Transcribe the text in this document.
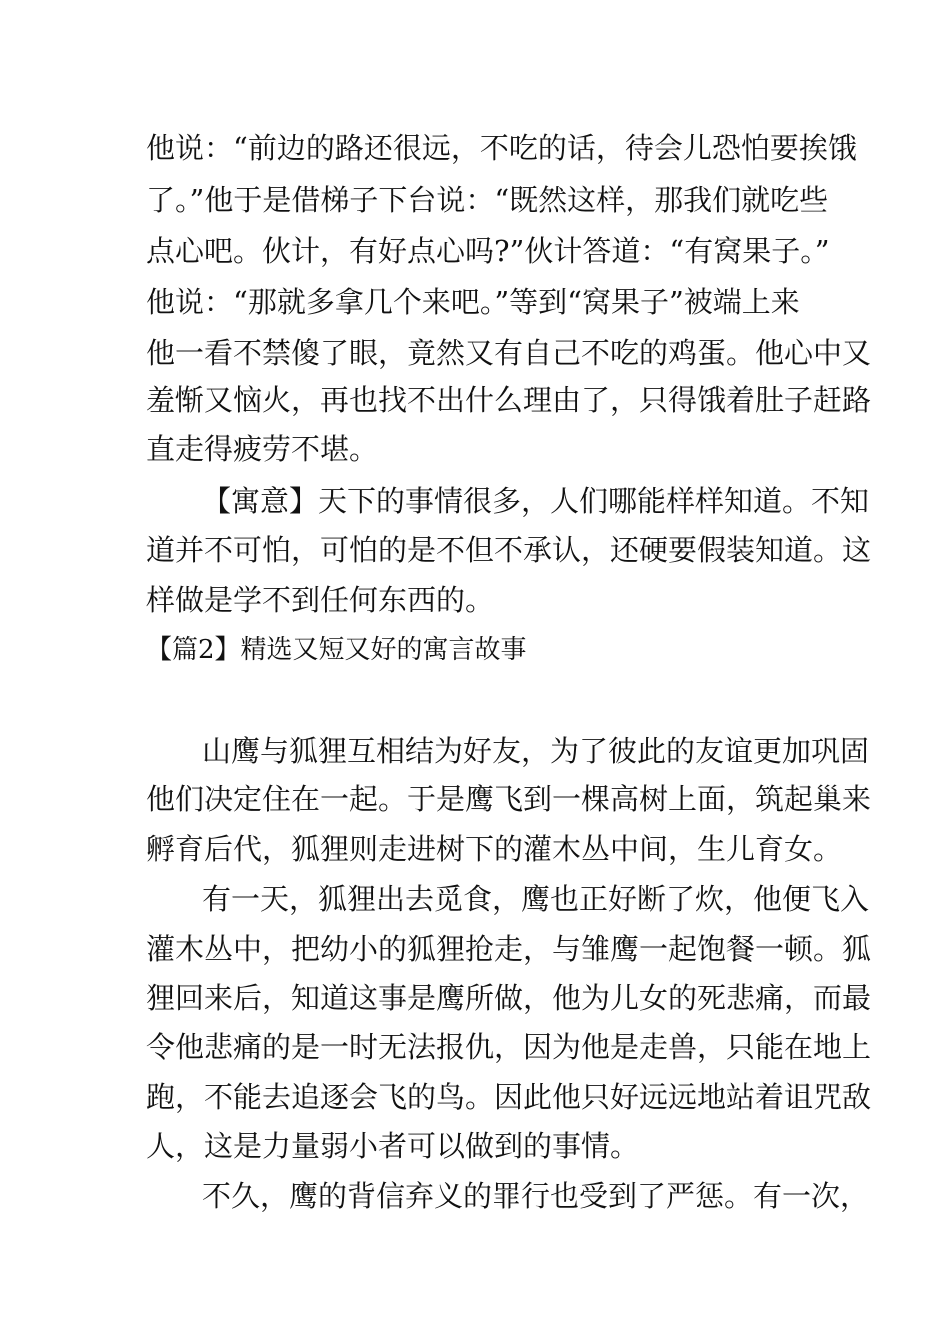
他说：“前边的路还很远，不吃的话，待会儿恐怕要挨饿

了。”他于是借梯子下台说：“既然这样，那我们就吃些

点心吧。伙计，有好点心吗?”伙计答道：“有窝果子。”

他说：“那就多拿几个来吧。”等到“窝果子”被端上来

他一看不禁傻了眼，竟然又有自己不吃的鸡蛋。他心中又

羞惭又恼火，再也找不出什么理由了，只得饿着肚子赶路

直走得疲劳不堪。

【寓意】天下的事情很多，人们哪能样样知道。不知

道并不可怕，可怕的是不但不承认，还硬要假装知道。这

样做是学不到任何东西的。

【篇2】精选又短又好的寓言故事

山鹰与狐狸互相结为好友，为了彼此的友谊更加巩固

他们决定住在一起。于是鹰飞到一棵高树上面，筑起巢来

孵育后代，狐狸则走进树下的灌木丛中间，生儿育女。

有一天，狐狸出去觅食，鹰也正好断了炊，他便飞入

灌木丛中，把幼小的狐狸抢走，与雏鹰一起饱餐一顿。狐

狸回来后，知道这事是鹰所做，他为儿女的死悲痛，而最

令他悲痛的是一时无法报仇，因为他是走兽，只能在地上

跑，不能去追逐会飞的鸟。因此他只好远远地站着诅咒敌

人，这是力量弱小者可以做到的事情。

不久，鹰的背信弃义的罪行也受到了严惩。有一次，
